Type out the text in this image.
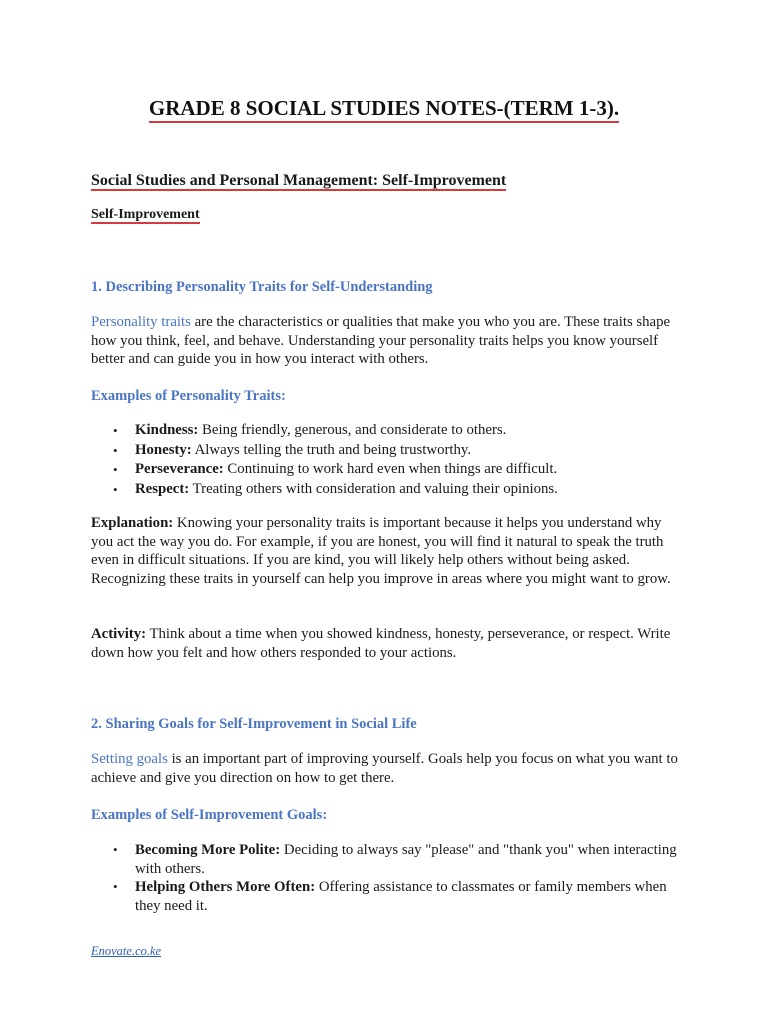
GRADE 8 SOCIAL STUDIES NOTES-(TERM 1-3).
Social Studies and Personal Management: Self-Improvement
Self-Improvement
1. Describing Personality Traits for Self-Understanding
Personality traits are the characteristics or qualities that make you who you are. These traits shape how you think, feel, and behave. Understanding your personality traits helps you know yourself better and can guide you in how you interact with others.
Examples of Personality Traits:
• Kindness: Being friendly, generous, and considerate to others.
• Honesty: Always telling the truth and being trustworthy.
• Perseverance: Continuing to work hard even when things are difficult.
• Respect: Treating others with consideration and valuing their opinions.
Explanation: Knowing your personality traits is important because it helps you understand why you act the way you do. For example, if you are honest, you will find it natural to speak the truth even in difficult situations. If you are kind, you will likely help others without being asked. Recognizing these traits in yourself can help you improve in areas where you might want to grow.
Activity: Think about a time when you showed kindness, honesty, perseverance, or respect. Write down how you felt and how others responded to your actions.
2. Sharing Goals for Self-Improvement in Social Life
Setting goals is an important part of improving yourself. Goals help you focus on what you want to achieve and give you direction on how to get there.
Examples of Self-Improvement Goals:
• Becoming More Polite: Deciding to always say "please" and "thank you" when interacting with others.
• Helping Others More Often: Offering assistance to classmates or family members when they need it.
Enovate.co.ke
